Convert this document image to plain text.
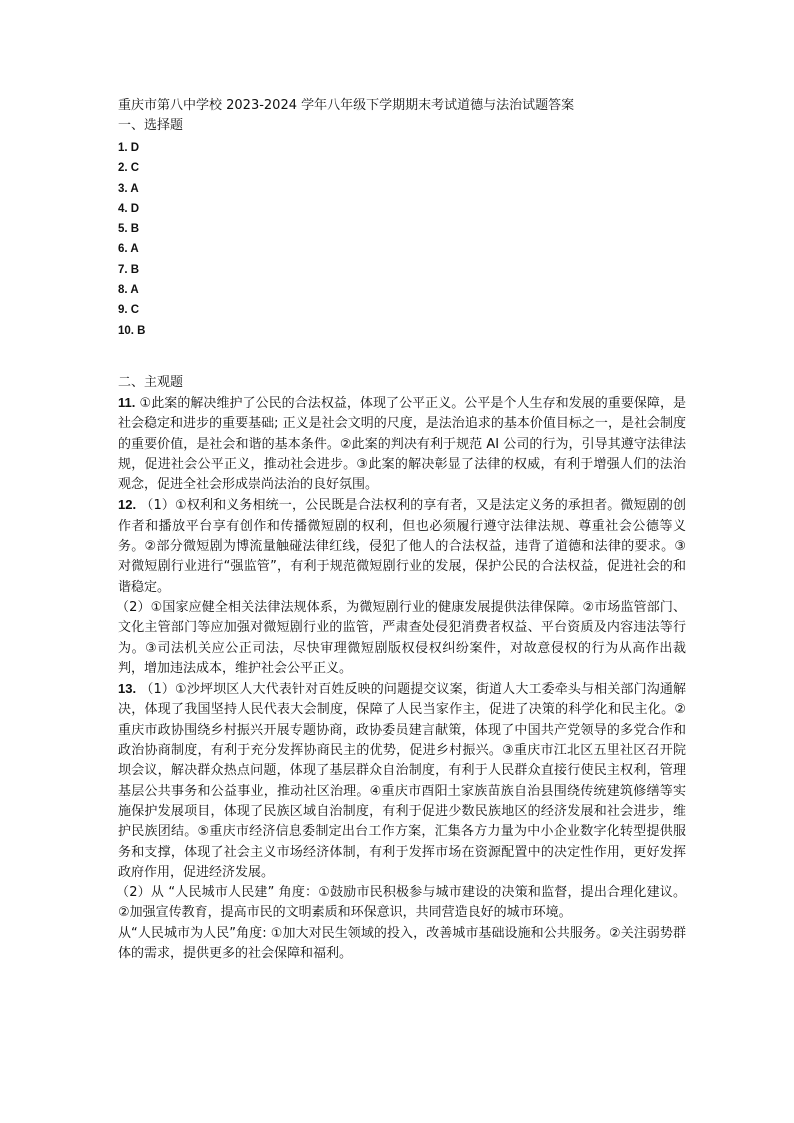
重庆市第八中学校 2023-2024 学年八年级下学期期末考试道德与法治试题答案
一、选择题
1. D
2. C
3. A
4. D
5. B
6. A
7. B
8. A
9. C
10. B
二、主观题
11. ①此案的解决维护了公民的合法权益，体现了公平正义。公平是个人生存和发展的重要保障，是社会稳定和进步的重要基础; 正义是社会文明的尺度，是法治追求的基本价值目标之一，是社会制度的重要价值，是社会和谐的基本条件。②此案的判决有利于规范 AI 公司的行为，引导其遵守法律法规，促进社会公平正义，推动社会进步。③此案的解决彰显了法律的权威，有利于增强人们的法治观念，促进全社会形成崇尚法治的良好氛围。
12. （1）①权利和义务相统一，公民既是合法权利的享有者，又是法定义务的承担者。微短剧的创作者和播放平台享有创作和传播微短剧的权利，但也必须履行遵守法律法规、尊重社会公德等义务。②部分微短剧为博流量触碰法律红线，侵犯了他人的合法权益，违背了道德和法律的要求。③对微短剧行业进行“强监管”，有利于规范微短剧行业的发展，保护公民的合法权益，促进社会的和谐稳定。
（2）①国家应健全相关法律法规体系，为微短剧行业的健康发展提供法律保障。②市场监管部门、文化主管部门等应加强对微短剧行业的监管，严肃查处侵犯消费者权益、平台资质及内容违法等行为。③司法机关应公正司法，尽快审理微短剧版权侵权纠纷案件，对故意侵权的行为从高作出裁判，增加违法成本，维护社会公平正义。
13. （1）①沙坪坝区人大代表针对百姓反映的问题提交议案，街道人大工委牵头与相关部门沟通解决，体现了我国坚持人民代表大会制度，保障了人民当家作主，促进了决策的科学化和民主化。②重庆市政协围绕乡村振兴开展专题协商，政协委员建言献策，体现了中国共产党领导的多党合作和政治协商制度，有利于充分发挥协商民主的优势，促进乡村振兴。③重庆市江北区五里社区召开院坝会议，解决群众热点问题，体现了基层群众自治制度，有利于人民群众直接行使民主权利，管理基层公共事务和公益事业，推动社区治理。④重庆市酉阳土家族苗族自治县围绕传统建筑修缮等实施保护发展项目，体现了民族区域自治制度，有利于促进少数民族地区的经济发展和社会进步，维护民族团结。⑤重庆市经济信息委制定出台工作方案，汇集各方力量为中小企业数字化转型提供服务和支撑，体现了社会主义市场经济体制，有利于发挥市场在资源配置中的决定性作用，更好发挥政府作用，促进经济发展。
（2）从 “人民城市人民建” 角度：①鼓励市民积极参与城市建设的决策和监督，提出合理化建议。②加强宣传教育，提高市民的文明素质和环保意识，共同营造良好的城市环境。
从“人民城市为人民”角度: ①加大对民生领域的投入，改善城市基础设施和公共服务。②关注弱势群体的需求，提供更多的社会保障和福利。
